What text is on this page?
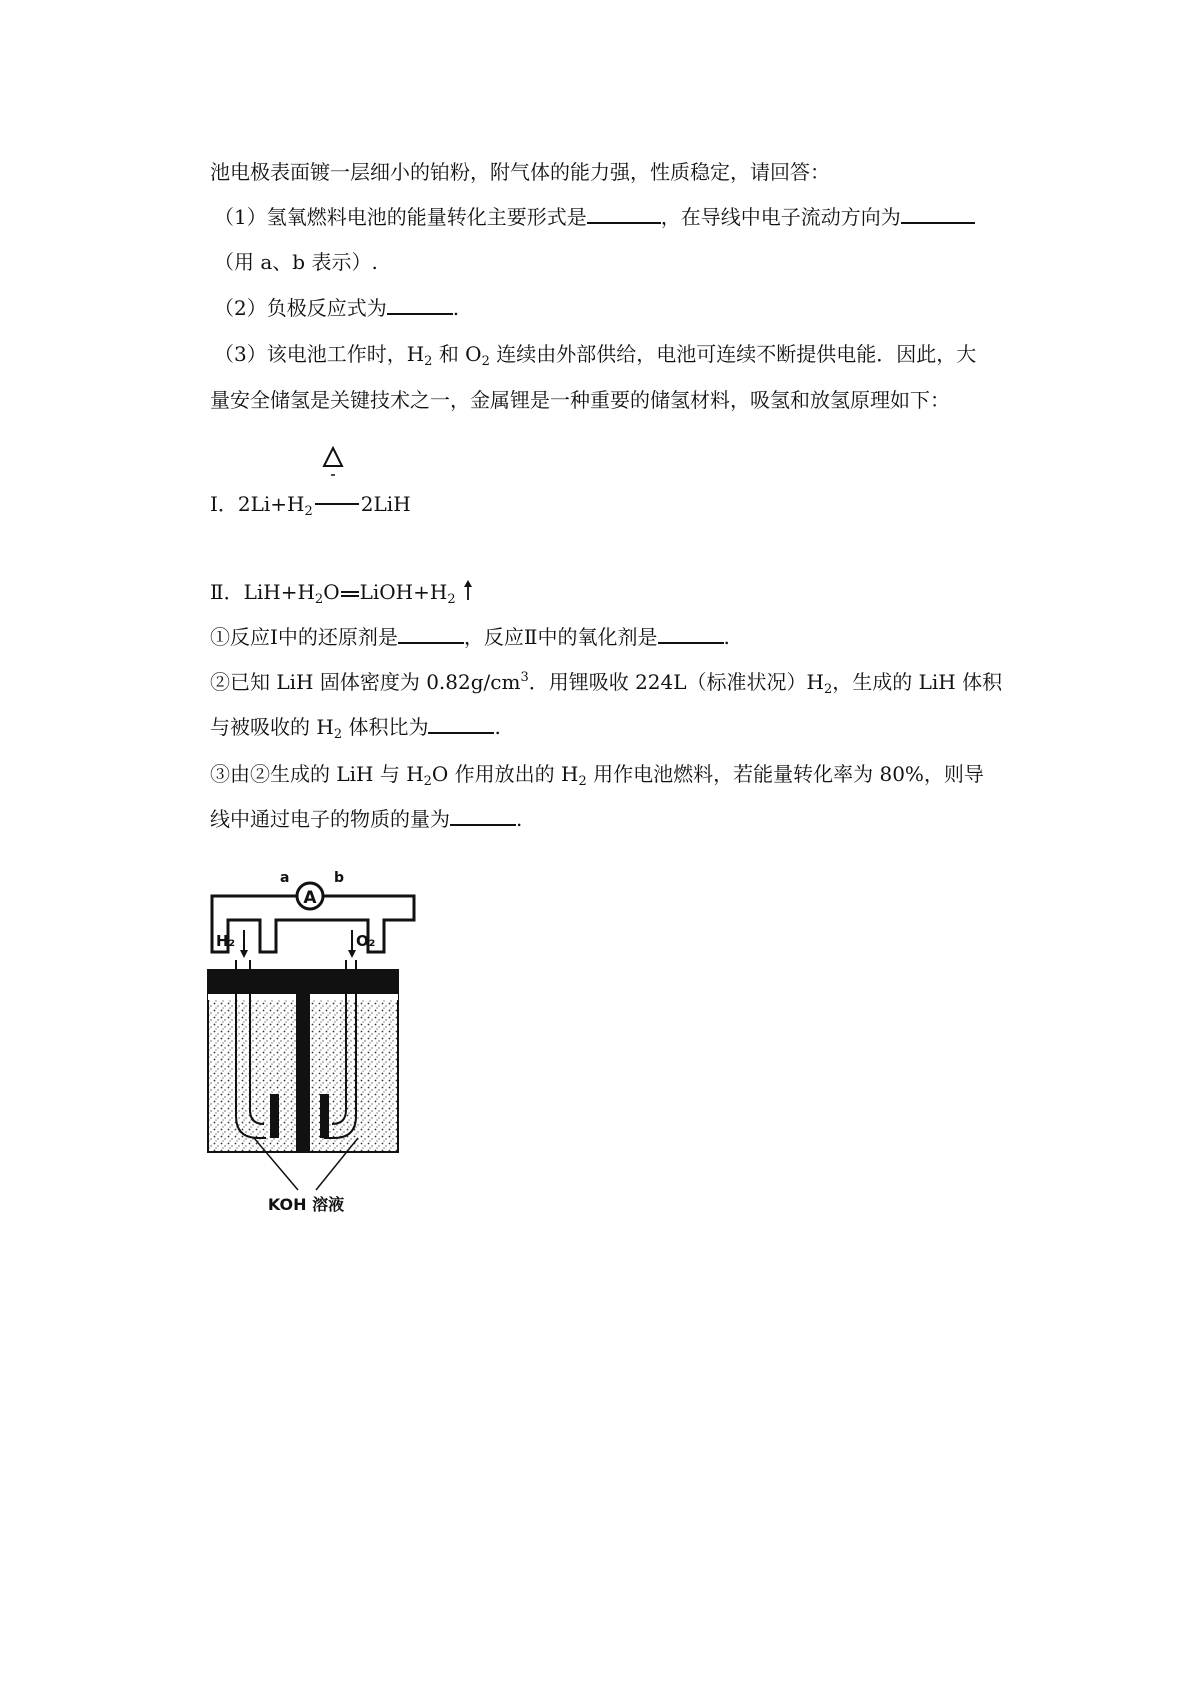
池电极表面镀一层细小的铂粉，附气体的能力强，性质稳定，请回答：
（1）氢氧燃料电池的能量转化主要形式是	，在导线中电子流动方向为
（用 a、b 表示）.
（2）负极反应式为	.
（3）该电池工作时，$H_2$ 和 $O_2$ 连续由外部供给，电池可连续不断提供电能．因此，大
量安全储氢是关键技术之一，金属锂是一种重要的储氢材料，吸氢和放氢原理如下：
Ⅰ．$2Li+H_2$ 2LiH
Ⅱ．$LiH+H_2O$ $LiOH+H_2$
①反应Ⅰ中的还原剂是	，反应Ⅱ中的氧化剂是	.
②已知 LiH 固体密度为 $0.82g/cm^3$．用锂吸收 224L（标准状况）$H_2$，生成的 LiH 体积
与被吸收的 $H_2$ 体积比为	.
③由②生成的 LiH 与 $H_2O$ 作用放出的 $H_2$ 用作电池燃料，若能量转化率为 80%，则导
线中通过电子的物质的量为	.
A
a	b
H₂	O₂
KOH 溶液
